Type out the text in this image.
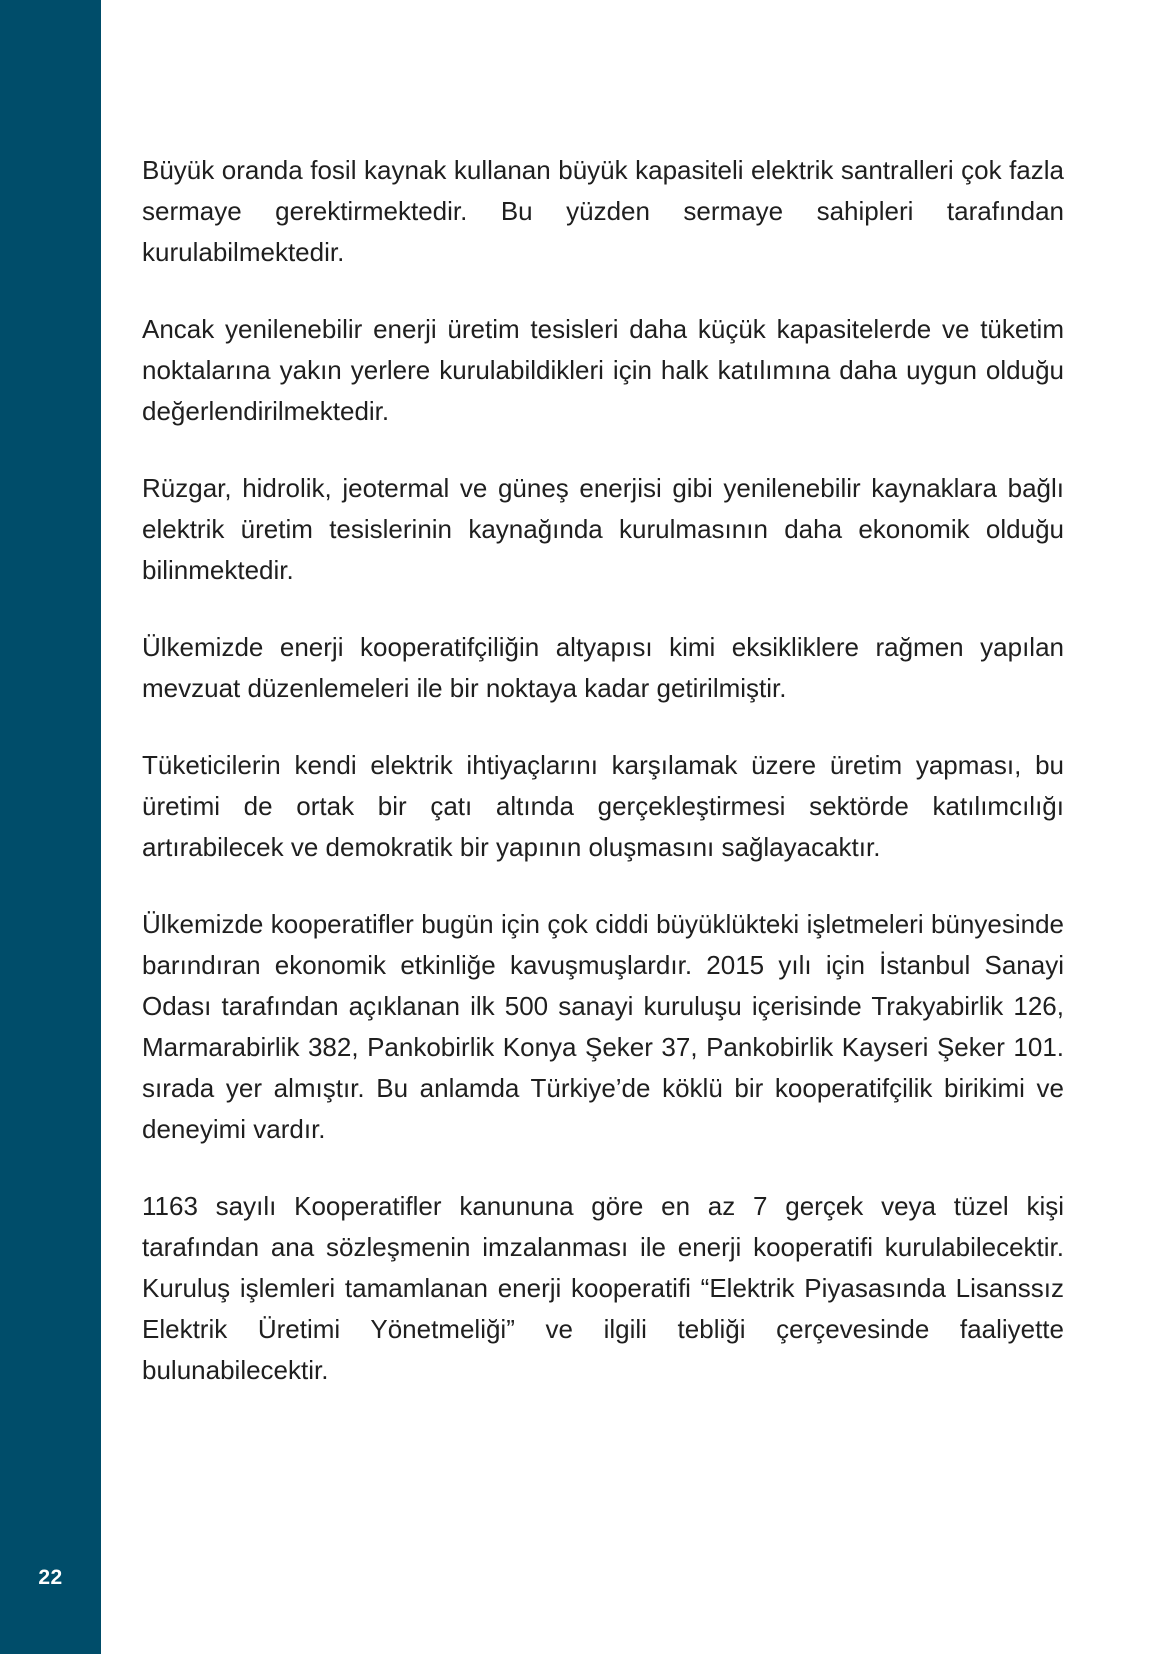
22

Büyük oranda fosil kaynak kullanan büyük kapasiteli elektrik santralleri çok fazla sermaye gerektirmektedir. Bu yüzden sermaye sahipleri tarafından kurulabilmektedir.

Ancak yenilenebilir enerji üretim tesisleri daha küçük kapasitelerde ve tüketim noktalarına yakın yerlere kurulabildikleri için halk katılımına daha uygun olduğu değerlendirilmektedir.

Rüzgar, hidrolik, jeotermal ve güneş enerjisi gibi yenilenebilir kaynaklara bağlı elektrik üretim tesislerinin kaynağında kurulmasının daha ekonomik olduğu bilinmektedir.

Ülkemizde enerji kooperatifçiliğin altyapısı kimi eksikliklere rağmen yapılan mevzuat düzenlemeleri ile bir noktaya kadar getirilmiştir.

Tüketicilerin kendi elektrik ihtiyaçlarını karşılamak üzere üretim yapması, bu üretimi de ortak bir çatı altında gerçekleştirmesi sektörde katılımcılığı artırabilecek ve demokratik bir yapının oluşmasını sağlayacaktır.

Ülkemizde kooperatifler bugün için çok ciddi büyüklükteki işletmeleri bünyesinde barındıran ekonomik etkinliğe kavuşmuşlardır. 2015 yılı için İstanbul Sanayi Odası tarafından açıklanan ilk 500 sanayi kuruluşu içerisinde Trakyabirlik 126, Marmarabirlik 382, Pankobirlik Konya Şeker 37, Pankobirlik Kayseri Şeker 101. sırada yer almıştır. Bu anlamda Türkiye’de köklü bir kooperatifçilik birikimi ve deneyimi vardır.

1163 sayılı Kooperatifler kanununa göre en az 7 gerçek veya tüzel kişi tarafından ana sözleşmenin imzalanması ile enerji kooperatifi kurulabilecektir. Kuruluş işlemleri tamamlanan enerji kooperatifi “Elektrik Piyasasında Lisanssız Elektrik Üretimi Yönetmeliği” ve ilgili tebliği çerçevesinde faaliyette bulunabilecektir.
